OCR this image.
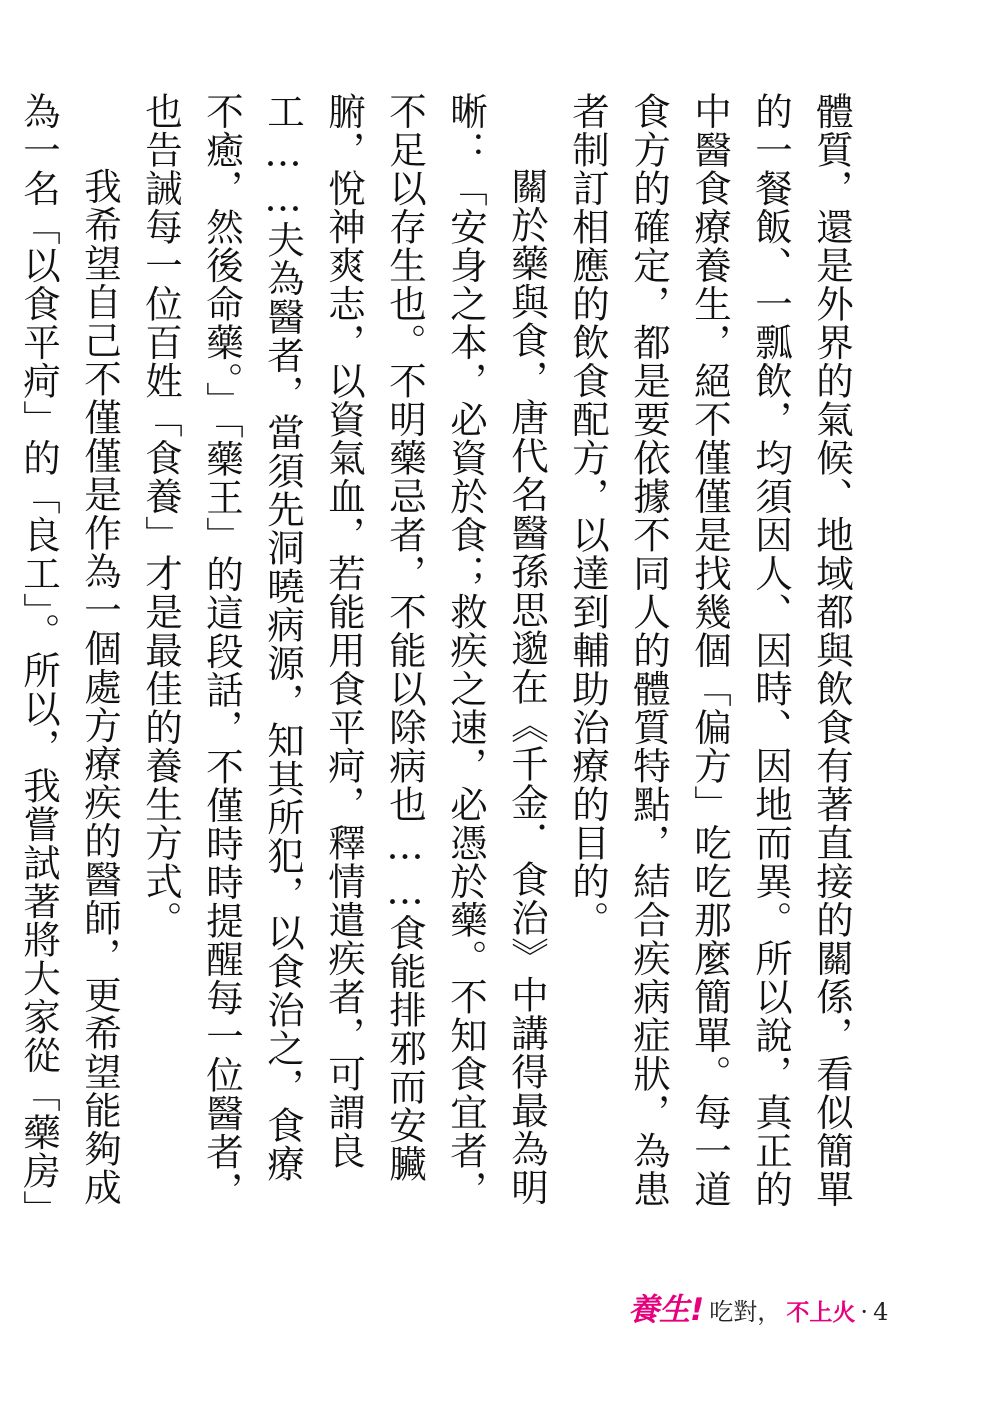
體質，還是外界的氣候、地域都與飲食有著直接的關係，看似簡單的一餐飯、一瓢飲，均須因人、因時、因地而異。所以說，真正的中醫食療養生，絕不僅僅是找幾個「偏方」吃吃那麼簡單。每一道食方的確定，都是要依據不同人的體質特點，結合疾病症狀，為患者制訂相應的飲食配方，以達到輔助治療的目的。

關於藥與食，唐代名醫孫思邈在《千金．食治》中講得最為明晰：「安身之本，必資於食；救疾之速，必憑於藥。不知食宜者，不足以存生也。不明藥忌者，不能以除病也……食能排邪而安臟腑，悅神爽志，以資氣血，若能用食平疴，釋情遣疾者，可謂良工……夫為醫者，當須先洞曉病源，知其所犯，以食治之，食療不癒，然後命藥。」「藥王」的這段話，不僅時時提醒每一位醫者，也告誡每一位百姓「食養」才是最佳的養生方式。

我希望自己不僅僅是作為一個處方療疾的醫師，更希望能夠成為一名「以食平疴」的「良工」。所以，我嘗試著將大家從「藥房」

養生! 吃對， 不上火 · 4
